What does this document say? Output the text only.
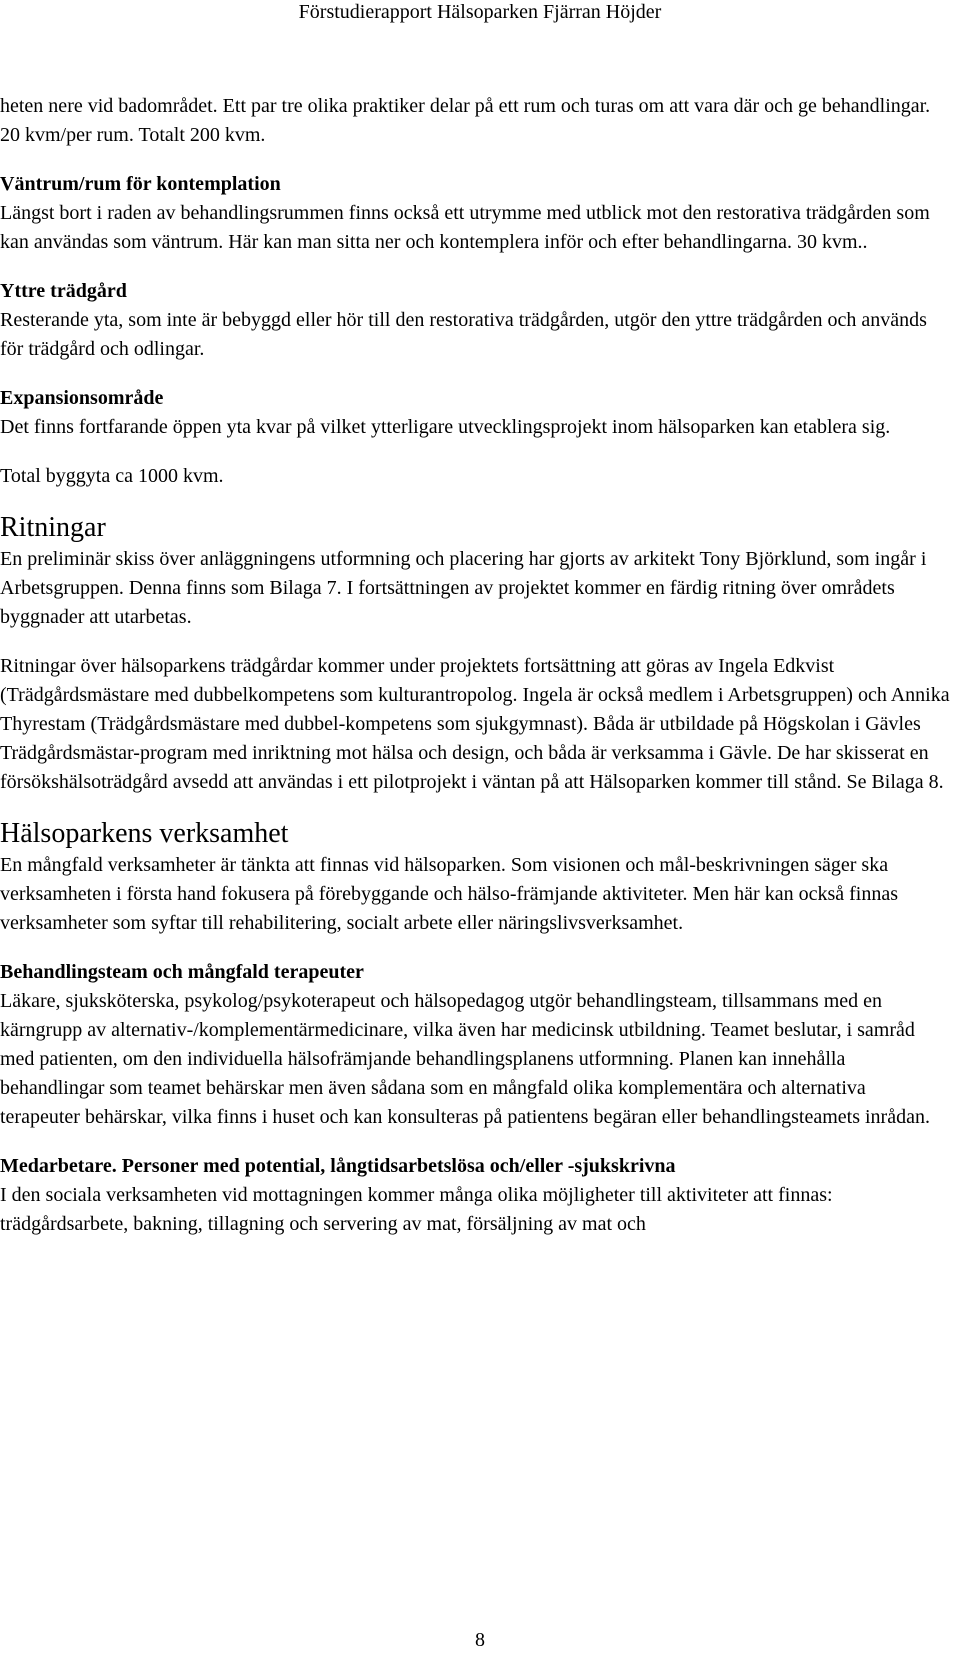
Förstudierapport Hälsoparken Fjärran Höjder

heten nere vid badområdet. Ett par tre olika praktiker delar på ett rum och turas om att vara där och ge behandlingar. 20 kvm/per rum. Totalt 200 kvm.

Väntrum/rum för kontemplation

Längst bort i raden av behandlingsrummen finns också ett utrymme med utblick mot den restorativa trädgården som kan användas som väntrum. Här kan man sitta ner och kontemplera inför och efter behandlingarna. 30 kvm..

Yttre trädgård

Resterande yta, som inte är bebyggd eller hör till den restorativa trädgården, utgör den yttre trädgården och används för trädgård och odlingar.

Expansionsområde

Det finns fortfarande öppen yta kvar på vilket ytterligare utvecklingsprojekt inom hälsoparken kan etablera sig.

Total byggyta ca 1000 kvm.

Ritningar

En preliminär skiss över anläggningens utformning och placering har gjorts av arkitekt Tony Björklund, som ingår i Arbetsgruppen. Denna finns som Bilaga 7. I fortsättningen av projektet kommer en färdig ritning över områdets byggnader att utarbetas.

Ritningar över hälsoparkens trädgårdar kommer under projektets fortsättning att göras av Ingela Edkvist (Trädgårdsmästare med dubbelkompetens som kulturantropolog. Ingela är också medlem i Arbetsgruppen) och Annika Thyrestam (Trädgårdsmästare med dubbel-kompetens som sjukgymnast). Båda är utbildade på Högskolan i Gävles Trädgårdsmästar-program med inriktning mot hälsa och design, och båda är verksamma i Gävle. De har skisserat en försökshälsoträdgård avsedd att användas i ett pilotprojekt i väntan på att Hälsoparken kommer till stånd. Se Bilaga 8.

Hälsoparkens verksamhet

En mångfald verksamheter är tänkta att finnas vid hälsoparken. Som visionen och mål-beskrivningen säger ska verksamheten i första hand fokusera på förebyggande och hälso-främjande aktiviteter. Men här kan också finnas verksamheter som syftar till rehabilitering, socialt arbete eller näringslivsverksamhet.

Behandlingsteam och mångfald terapeuter

Läkare, sjuksköterska, psykolog/psykoterapeut och hälsopedagog utgör behandlingsteam, tillsammans med en kärngrupp av alternativ-/komplementärmedicinare, vilka även har medicinsk utbildning. Teamet beslutar, i samråd med patienten, om den individuella hälsofrämjande behandlingsplanens utformning. Planen kan innehålla behandlingar som teamet behärskar men även sådana som en mångfald olika komplementära och alternativa terapeuter behärskar, vilka finns i huset och kan konsulteras på patientens begäran eller behandlingsteamets inrådan.

Medarbetare. Personer med potential, långtidsarbetslösa och/eller -sjukskrivna

I den sociala verksamheten vid mottagningen kommer många olika möjligheter till aktiviteter att finnas: trädgårdsarbete, bakning, tillagning och servering av mat, försäljning av mat och

8
